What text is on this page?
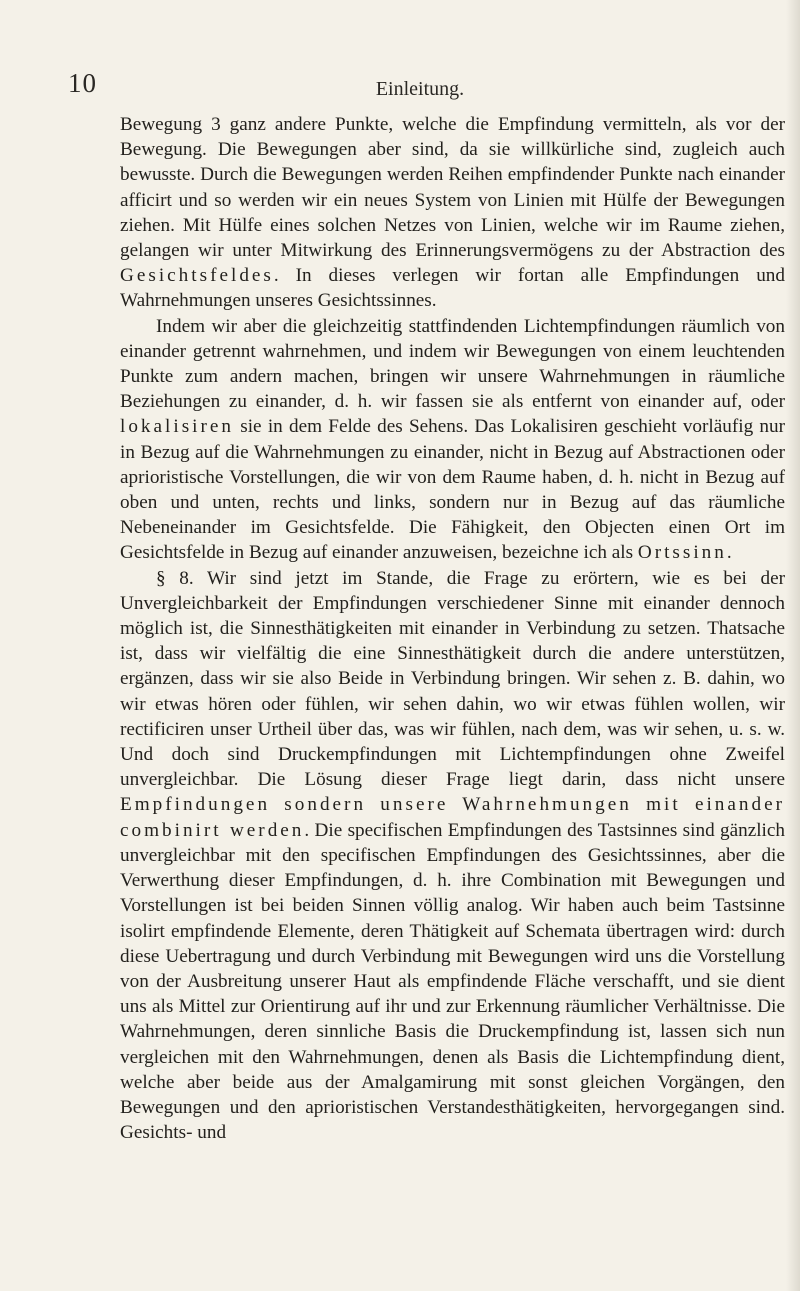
10	Einleitung.

Bewegung 3 ganz andere Punkte, welche die Empfindung vermitteln, als vor der Bewegung. Die Bewegungen aber sind, da sie willkürliche sind, zugleich auch bewusste. Durch die Bewegungen werden Reihen empfindender Punkte nach einander afficirt und so werden wir ein neues System von Linien mit Hülfe der Bewegungen ziehen. Mit Hülfe eines solchen Netzes von Linien, welche wir im Raume ziehen, gelangen wir unter Mitwirkung des Erinnerungsvermögens zu der Abstraction des Gesichtsfeldes. In dieses verlegen wir fortan alle Empfindungen und Wahrnehmungen unseres Gesichtssinnes.

Indem wir aber die gleichzeitig stattfindenden Lichtempfindungen räumlich von einander getrennt wahrnehmen, und indem wir Bewegungen von einem leuchtenden Punkte zum andern machen, bringen wir unsere Wahrnehmungen in räumliche Beziehungen zu einander, d. h. wir fassen sie als entfernt von einander auf, oder lokalisiren sie in dem Felde des Sehens. Das Lokalisiren geschieht vorläufig nur in Bezug auf die Wahrnehmungen zu einander, nicht in Bezug auf Abstractionen oder aprioristische Vorstellungen, die wir von dem Raume haben, d. h. nicht in Bezug auf oben und unten, rechts und links, sondern nur in Bezug auf das räumliche Nebeneinander im Gesichtsfelde. Die Fähigkeit, den Objecten einen Ort im Gesichtsfelde in Bezug auf einander anzuweisen, bezeichne ich als Ortssinn.

§ 8. Wir sind jetzt im Stande, die Frage zu erörtern, wie es bei der Unvergleichbarkeit der Empfindungen verschiedener Sinne mit einander dennoch möglich ist, die Sinnesthätigkeiten mit einander in Verbindung zu setzen. Thatsache ist, dass wir vielfältig die eine Sinnesthätigkeit durch die andere unterstützen, ergänzen, dass wir sie also Beide in Verbindung bringen. Wir sehen z. B. dahin, wo wir etwas hören oder fühlen, wir sehen dahin, wo wir etwas fühlen wollen, wir rectificiren unser Urtheil über das, was wir fühlen, nach dem, was wir sehen, u. s. w. Und doch sind Druckempfindungen mit Lichtempfindungen ohne Zweifel unvergleichbar. Die Lösung dieser Frage liegt darin, dass nicht unsere Empfindungen sondern unsere Wahrnehmungen mit einander combinirt werden. Die specifischen Empfindungen des Tastsinnes sind gänzlich unvergleichbar mit den specifischen Empfindungen des Gesichtssinnes, aber die Verwerthung dieser Empfindungen, d. h. ihre Combination mit Bewegungen und Vorstellungen ist bei beiden Sinnen völlig analog. Wir haben auch beim Tastsinne isolirt empfindende Elemente, deren Thätigkeit auf Schemata übertragen wird: durch diese Uebertragung und durch Verbindung mit Bewegungen wird uns die Vorstellung von der Ausbreitung unserer Haut als empfindende Fläche verschafft, und sie dient uns als Mittel zur Orientirung auf ihr und zur Erkennung räumlicher Verhältnisse. Die Wahrnehmungen, deren sinnliche Basis die Druckempfindung ist, lassen sich nun vergleichen mit den Wahrnehmungen, denen als Basis die Lichtempfindung dient, welche aber beide aus der Amalgamirung mit sonst gleichen Vorgängen, den Bewegungen und den aprioristischen Verstandesthätigkeiten, hervorgegangen sind. Gesichts- und
